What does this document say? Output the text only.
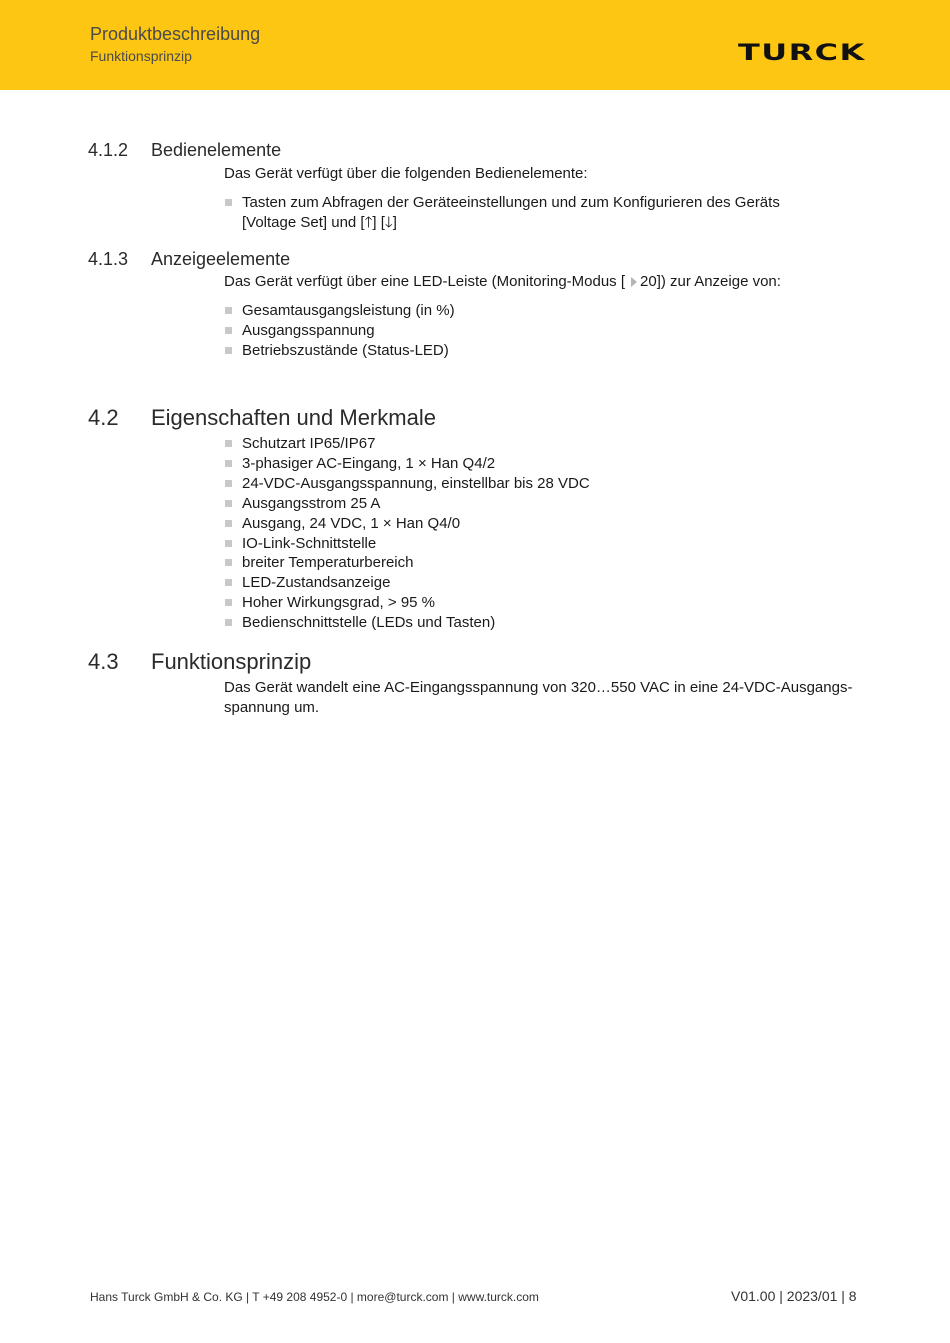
Produktbeschreibung
Funktionsprinzip	TURCK
4.1.2 Bedienelemente
Das Gerät verfügt über die folgenden Bedienelemente:
Tasten zum Abfragen der Geräteeinstellungen und zum Konfigurieren des Geräts
[Voltage Set] und [🡑] [🡓]
4.1.3 Anzeigeelemente
Das Gerät verfügt über eine LED-Leiste (Monitoring-Modus [ 20]) zur Anzeige von:
Gesamtausgangsleistung (in %)
Ausgangsspannung
Betriebszustände (Status-LED)
4.2 Eigenschaften und Merkmale
Schutzart IP65/IP67
3-phasiger AC-Eingang, 1 × Han Q4/2
24-VDC-Ausgangsspannung, einstellbar bis 28 VDC
Ausgangsstrom 25 A
Ausgang, 24 VDC, 1 × Han Q4/0
IO-Link-Schnittstelle
breiter Temperaturbereich
LED-Zustandsanzeige
Hoher Wirkungsgrad, > 95 %
Bedienschnittstelle (LEDs und Tasten)
4.3 Funktionsprinzip
Das Gerät wandelt eine AC-Eingangsspannung von 320…550 VAC in eine 24-VDC-Ausgangs-
spannung um.
Hans Turck GmbH & Co. KG | T +49 208 4952-0 | more@turck.com | www.turck.com	V01.00 | 2023/01 | 8
